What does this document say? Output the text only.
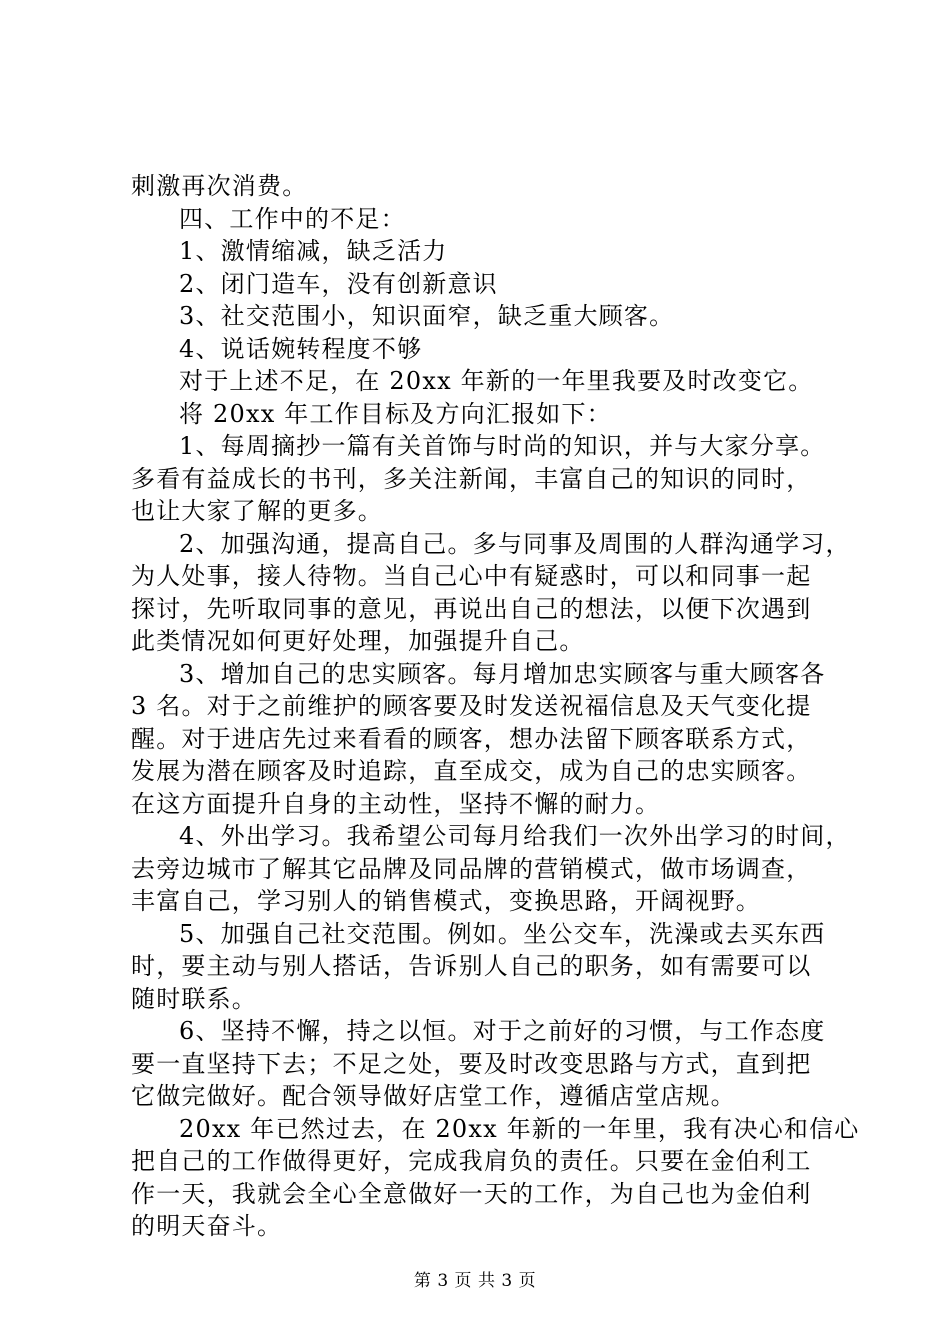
刺激再次消费。
四、工作中的不足：
1、激情缩减，缺乏活力
2、闭门造车，没有创新意识
3、社交范围小，知识面窄，缺乏重大顾客。
4、说话婉转程度不够
对于上述不足，在 20xx 年新的一年里我要及时改变它。
将 20xx 年工作目标及方向汇报如下：
1、每周摘抄一篇有关首饰与时尚的知识，并与大家分享。
多看有益成长的书刊，多关注新闻，丰富自己的知识的同时，
也让大家了解的更多。
2、加强沟通，提高自己。多与同事及周围的人群沟通学习，
为人处事，接人待物。当自己心中有疑惑时，可以和同事一起
探讨，先听取同事的意见，再说出自己的想法，以便下次遇到
此类情况如何更好处理，加强提升自己。
3、增加自己的忠实顾客。每月增加忠实顾客与重大顾客各
3 名。对于之前维护的顾客要及时发送祝福信息及天气变化提
醒。对于进店先过来看看的顾客，想办法留下顾客联系方式，
发展为潜在顾客及时追踪，直至成交，成为自己的忠实顾客。
在这方面提升自身的主动性，坚持不懈的耐力。
4、外出学习。我希望公司每月给我们一次外出学习的时间，
去旁边城市了解其它品牌及同品牌的营销模式，做市场调查，
丰富自己，学习别人的销售模式，变换思路，开阔视野。
5、加强自己社交范围。例如。坐公交车，洗澡或去买东西
时，要主动与别人搭话，告诉别人自己的职务，如有需要可以
随时联系。
6、坚持不懈，持之以恒。对于之前好的习惯，与工作态度
要一直坚持下去；不足之处，要及时改变思路与方式，直到把
它做完做好。配合领导做好店堂工作，遵循店堂店规。
20xx 年已然过去，在 20xx 年新的一年里，我有决心和信心
把自己的工作做得更好，完成我肩负的责任。只要在金伯利工
作一天，我就会全心全意做好一天的工作，为自己也为金伯利
的明天奋斗。
第 3 页 共 3 页
